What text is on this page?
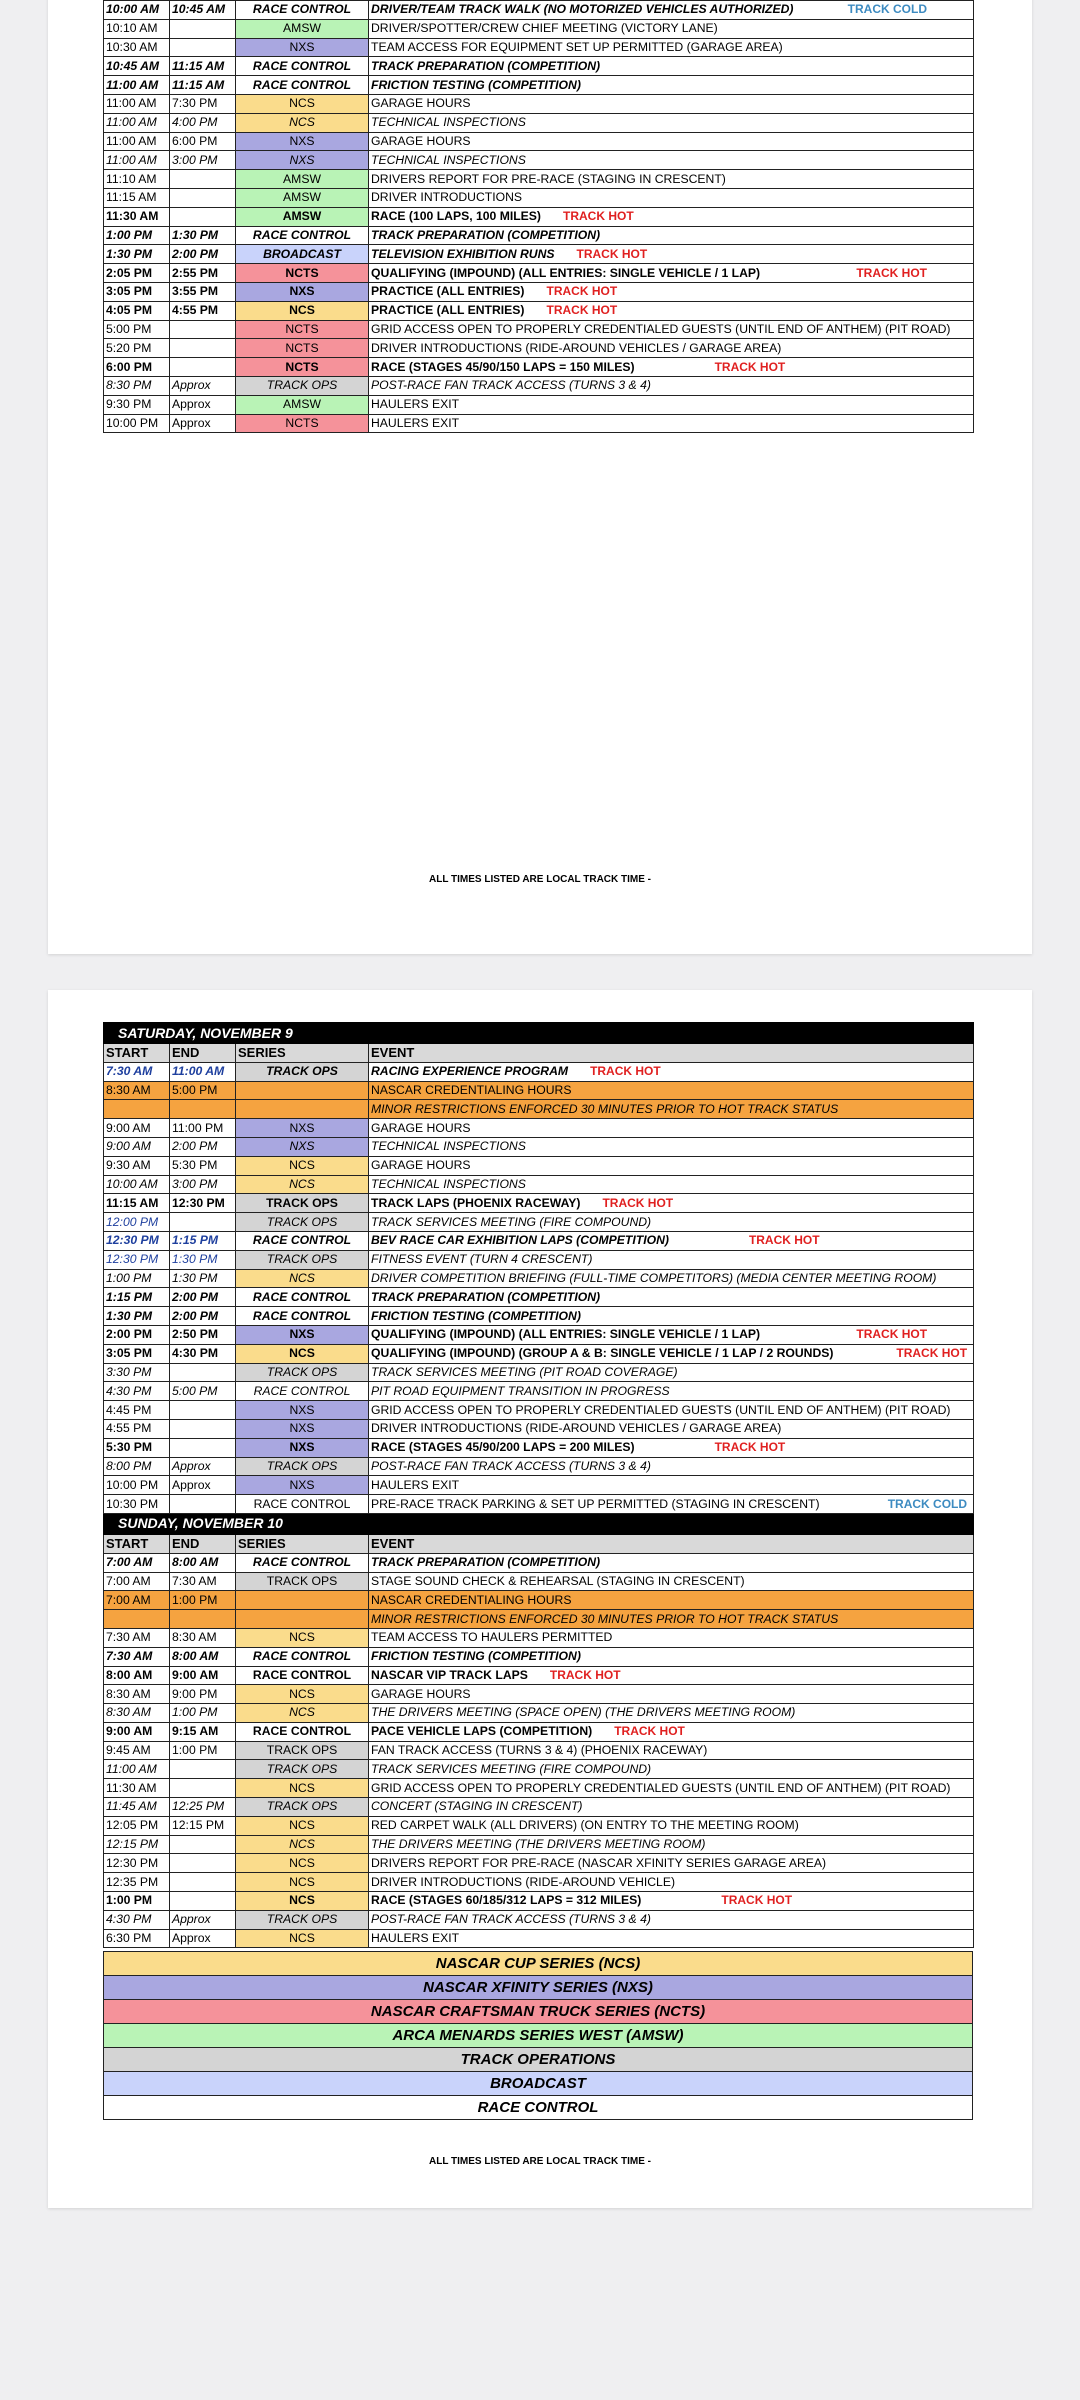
10:00 AM	10:45 AM	RACE CONTROL	DRIVER/TEAM TRACK WALK (NO MOTORIZED VEHICLES AUTHORIZED) TRACK COLD

10:10 AM		AMSW	DRIVER/SPOTTER/CREW CHIEF MEETING (VICTORY LANE)
10:30 AM		NXS	TEAM ACCESS FOR EQUIPMENT SET UP PERMITTED (GARAGE AREA)
10:45 AM	11:15 AM	RACE CONTROL	TRACK PREPARATION (COMPETITION)
11:00 AM	11:15 AM	RACE CONTROL	FRICTION TESTING (COMPETITION)
11:00 AM	7:30 PM	NCS	GARAGE HOURS
11:00 AM	4:00 PM	NCS	TECHNICAL INSPECTIONS
11:00 AM	6:00 PM	NXS	GARAGE HOURS
11:00 AM	3:00 PM	NXS	TECHNICAL INSPECTIONS
11:10 AM		AMSW	DRIVERS REPORT FOR PRE-RACE (STAGING IN CRESCENT)
11:15 AM		AMSW	DRIVER INTRODUCTIONS
11:30 AM		AMSW	RACE (100 LAPS, 100 MILES) TRACK HOT
1:00 PM	1:30 PM	RACE CONTROL	TRACK PREPARATION (COMPETITION)
1:30 PM	2:00 PM	BROADCAST	TELEVISION EXHIBITION RUNS TRACK HOT
2:05 PM	2:55 PM	NCTS	QUALIFYING (IMPOUND) (ALL ENTRIES: SINGLE VEHICLE / 1 LAP) TRACK HOT

3:05 PM	3:55 PM	NXS	PRACTICE (ALL ENTRIES) TRACK HOT
4:05 PM	4:55 PM	NCS	PRACTICE (ALL ENTRIES) TRACK HOT
5:00 PM		NCTS	GRID ACCESS OPEN TO PROPERLY CREDENTIALED GUESTS (UNTIL END OF ANTHEM) (PIT ROAD)
5:20 PM		NCTS	DRIVER INTRODUCTIONS (RIDE-AROUND VEHICLES / GARAGE AREA)
6:00 PM		NCTS	RACE (STAGES 45/90/150 LAPS = 150 MILES) TRACK HOT
8:30 PM	Approx	TRACK OPS	POST-RACE FAN TRACK ACCESS (TURNS 3 & 4)
9:30 PM	Approx	AMSW	HAULERS EXIT
10:00 PM	Approx	NCTS	HAULERS EXIT
ALL TIMES LISTED ARE LOCAL TRACK TIME -
SATURDAY, NOVEMBER 9			
START	END	SERIES	EVENT
7:30 AM	11:00 AM	TRACK OPS	RACING EXPERIENCE PROGRAM TRACK HOT
8:30 AM	5:00 PM		NASCAR CREDENTIALING HOURS
			MINOR RESTRICTIONS ENFORCED 30 MINUTES PRIOR TO HOT TRACK STATUS
9:00 AM	11:00 PM	NXS	GARAGE HOURS
9:00 AM	2:00 PM	NXS	TECHNICAL INSPECTIONS
9:30 AM	5:30 PM	NCS	GARAGE HOURS
10:00 AM	3:00 PM	NCS	TECHNICAL INSPECTIONS
11:15 AM	12:30 PM	TRACK OPS	TRACK LAPS (PHOENIX RACEWAY) TRACK HOT
12:00 PM		TRACK OPS	TRACK SERVICES MEETING (FIRE COMPOUND)
12:30 PM	1:15 PM	RACE CONTROL	BEV RACE CAR EXHIBITION LAPS (COMPETITION) TRACK HOT
12:30 PM	1:30 PM	TRACK OPS	FITNESS EVENT (TURN 4 CRESCENT)
1:00 PM	1:30 PM	NCS	DRIVER COMPETITION BRIEFING (FULL-TIME COMPETITORS) (MEDIA CENTER MEETING ROOM)
1:15 PM	2:00 PM	RACE CONTROL	TRACK PREPARATION (COMPETITION)
1:30 PM	2:00 PM	RACE CONTROL	FRICTION TESTING (COMPETITION)
2:00 PM	2:50 PM	NXS	QUALIFYING (IMPOUND) (ALL ENTRIES: SINGLE VEHICLE / 1 LAP) TRACK HOT

3:05 PM	4:30 PM	NCS	QUALIFYING (IMPOUND) (GROUP A & B: SINGLE VEHICLE / 1 LAP / 2 ROUNDS) TRACK HOT

3:30 PM		TRACK OPS	TRACK SERVICES MEETING (PIT ROAD COVERAGE)
4:30 PM	5:00 PM	RACE CONTROL	PIT ROAD EQUIPMENT TRANSITION IN PROGRESS
4:45 PM		NXS	GRID ACCESS OPEN TO PROPERLY CREDENTIALED GUESTS (UNTIL END OF ANTHEM) (PIT ROAD)
4:55 PM		NXS	DRIVER INTRODUCTIONS (RIDE-AROUND VEHICLES / GARAGE AREA)
5:30 PM		NXS	RACE (STAGES 45/90/200 LAPS = 200 MILES) TRACK HOT
8:00 PM	Approx	TRACK OPS	POST-RACE FAN TRACK ACCESS (TURNS 3 & 4)
10:00 PM	Approx	NXS	HAULERS EXIT
10:30 PM		RACE CONTROL	PRE-RACE TRACK PARKING & SET UP PERMITTED (STAGING IN CRESCENT) TRACK COLD

SUNDAY, NOVEMBER 10			
START	END	SERIES	EVENT
7:00 AM	8:00 AM	RACE CONTROL	TRACK PREPARATION (COMPETITION)
7:00 AM	7:30 AM	TRACK OPS	STAGE SOUND CHECK & REHEARSAL (STAGING IN CRESCENT)
7:00 AM	1:00 PM		NASCAR CREDENTIALING HOURS
			MINOR RESTRICTIONS ENFORCED 30 MINUTES PRIOR TO HOT TRACK STATUS
7:30 AM	8:30 AM	NCS	TEAM ACCESS TO HAULERS PERMITTED
7:30 AM	8:00 AM	RACE CONTROL	FRICTION TESTING (COMPETITION)
8:00 AM	9:00 AM	RACE CONTROL	NASCAR VIP TRACK LAPS TRACK HOT
8:30 AM	9:00 PM	NCS	GARAGE HOURS
8:30 AM	1:00 PM	NCS	THE DRIVERS MEETING (SPACE OPEN) (THE DRIVERS MEETING ROOM)
9:00 AM	9:15 AM	RACE CONTROL	PACE VEHICLE LAPS (COMPETITION) TRACK HOT
9:45 AM	1:00 PM	TRACK OPS	FAN TRACK ACCESS (TURNS 3 & 4) (PHOENIX RACEWAY)
11:00 AM		TRACK OPS	TRACK SERVICES MEETING (FIRE COMPOUND)
11:30 AM		NCS	GRID ACCESS OPEN TO PROPERLY CREDENTIALED GUESTS (UNTIL END OF ANTHEM) (PIT ROAD)
11:45 AM	12:25 PM	TRACK OPS	CONCERT (STAGING IN CRESCENT)
12:05 PM	12:15 PM	NCS	RED CARPET WALK (ALL DRIVERS) (ON ENTRY TO THE MEETING ROOM)
12:15 PM		NCS	THE DRIVERS MEETING (THE DRIVERS MEETING ROOM)
12:30 PM		NCS	DRIVERS REPORT FOR PRE-RACE (NASCAR XFINITY SERIES GARAGE AREA)
12:35 PM		NCS	DRIVER INTRODUCTIONS (RIDE-AROUND VEHICLE)
1:00 PM		NCS	RACE (STAGES 60/185/312 LAPS = 312 MILES) TRACK HOT
4:30 PM	Approx	TRACK OPS	POST-RACE FAN TRACK ACCESS (TURNS 3 & 4)
6:30 PM	Approx	NCS	HAULERS EXIT
NASCAR CUP SERIES (NCS)
NASCAR XFINITY SERIES (NXS)
NASCAR CRAFTSMAN TRUCK SERIES (NCTS)
ARCA MENARDS SERIES WEST (AMSW)
TRACK OPERATIONS
BROADCAST
RACE CONTROL
ALL TIMES LISTED ARE LOCAL TRACK TIME -
